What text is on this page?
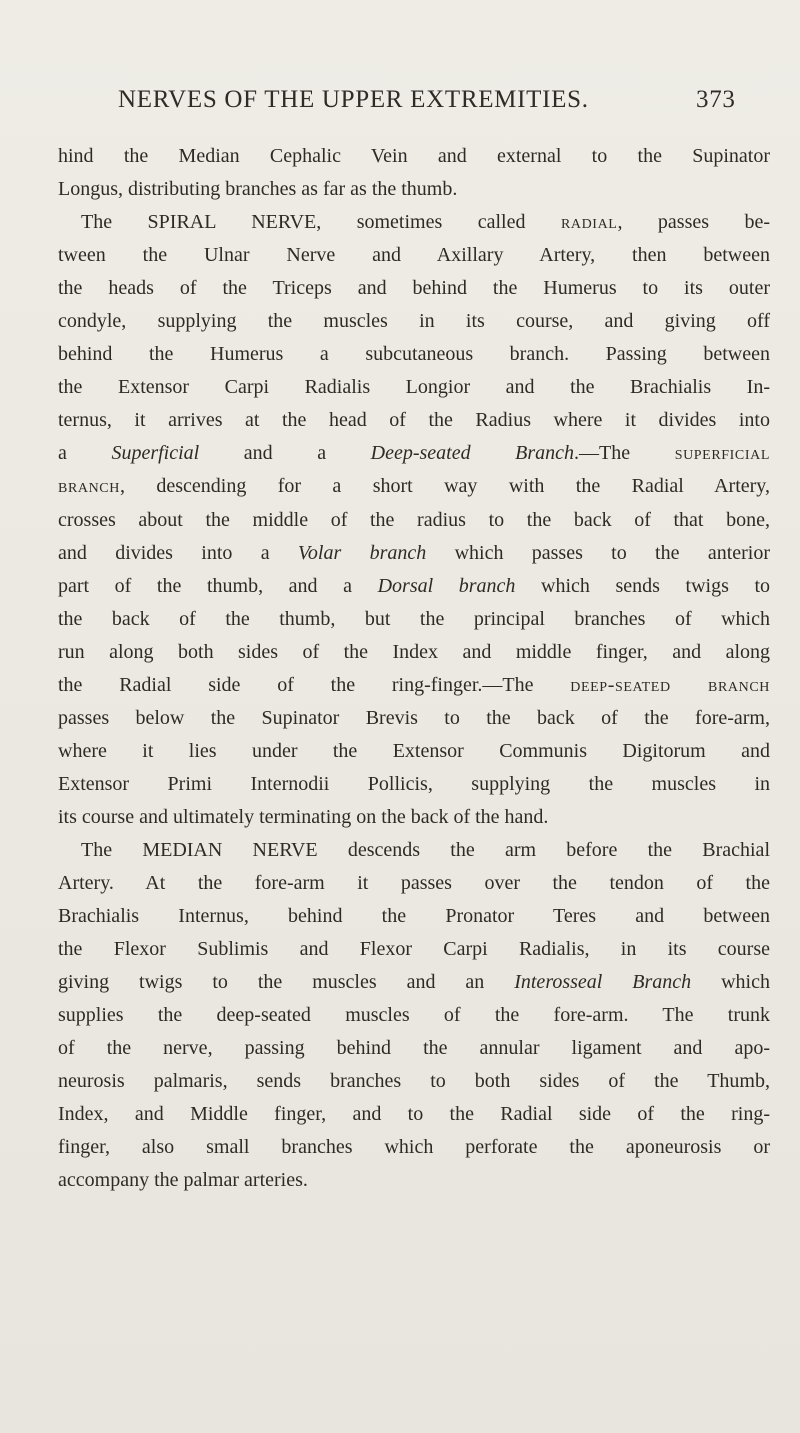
NERVES OF THE UPPER EXTREMITIES.	373
hind the Median Cephalic Vein and external to the Supinator
Longus, distributing branches as far as the thumb.
The SPIRAL NERVE, sometimes called radial, passes be-
tween the Ulnar Nerve and Axillary Artery, then between
the heads of the Triceps and behind the Humerus to its outer
condyle, supplying the muscles in its course, and giving off
behind the Humerus a subcutaneous branch. Passing between
the Extensor Carpi Radialis Longior and the Brachialis In-
ternus, it arrives at the head of the Radius where it divides into
a Superficial and a Deep-seated Branch.—The superficial
branch, descending for a short way with the Radial Artery,
crosses about the middle of the radius to the back of that bone,
and divides into a Volar branch which passes to the anterior
part of the thumb, and a Dorsal branch which sends twigs to
the back of the thumb, but the principal branches of which
run along both sides of the Index and middle finger, and along
the Radial side of the ring-finger.—The deep-seated branch
passes below the Supinator Brevis to the back of the fore-arm,
where it lies under the Extensor Communis Digitorum and
Extensor Primi Internodii Pollicis, supplying the muscles in
its course and ultimately terminating on the back of the hand.
The MEDIAN NERVE descends the arm before the Brachial
Artery. At the fore-arm it passes over the tendon of the
Brachialis Internus, behind the Pronator Teres and between
the Flexor Sublimis and Flexor Carpi Radialis, in its course
giving twigs to the muscles and an Interosseal Branch which
supplies the deep-seated muscles of the fore-arm. The trunk
of the nerve, passing behind the annular ligament and apo-
neurosis palmaris, sends branches to both sides of the Thumb,
Index, and Middle finger, and to the Radial side of the ring-
finger, also small branches which perforate the aponeurosis or
accompany the palmar arteries.
